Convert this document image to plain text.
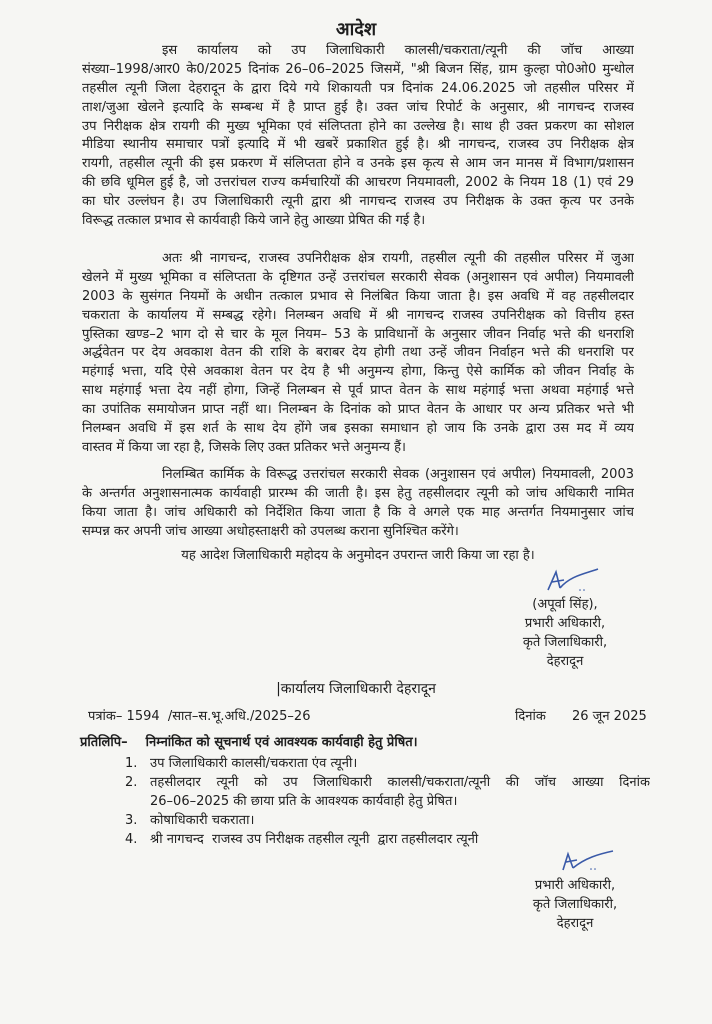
आदेश
इस कार्यालय को उप जिलाधिकारी कालसी/चकराता/त्यूनी की जॉच आख्या
संख्या–1998/आर0 के0/2025 दिनांक 26–06–2025 जिसमें, "श्री बिजन सिंह, ग्राम कुल्हा पो0ओ0 मुन्धोल
तहसील त्यूनी जिला देहरादून के द्वारा दिये गये शिकायती पत्र दिनांक 24.06.2025 जो तहसील परिसर में
ताश/जुआ खेलने इत्यादि के सम्बन्ध में है प्राप्त हुई है। उक्त जांच रिपोर्ट के अनुसार, श्री नागचन्द राजस्व
उप निरीक्षक क्षेत्र रायगी की मुख्य भूमिका एवं संलिप्तता होने का उल्लेख है। साथ ही उक्त प्रकरण का सोशल
मीडिया स्थानीय समाचार पत्रों इत्यादि में भी खबरें प्रकाशित हुई है। श्री नागचन्द, राजस्व उप निरीक्षक क्षेत्र
रायगी, तहसील त्यूनी की इस प्रकरण में संलिप्तता होने व उनके इस कृत्य से आम जन मानस में विभाग/प्रशासन
की छवि धूमिल हुई है, जो उत्तरांचल राज्य कर्मचारियों की आचरण नियमावली, 2002 के नियम 18 (1) एवं 29
का घोर उल्लंघन है। उप जिलाधिकारी त्यूनी द्वारा श्री नागचन्द राजस्व उप निरीक्षक के उक्त कृत्य पर उनके
विरूद्ध तत्काल प्रभाव से कार्यवाही किये जाने हेतु आख्या प्रेषित की गई है।
अतः श्री नागचन्द, राजस्व उपनिरीक्षक क्षेत्र रायगी, तहसील त्यूनी की तहसील परिसर में जुआ
खेलने में मुख्य भूमिका व संलिप्तता के दृष्टिगत उन्हें उत्तरांचल सरकारी सेवक (अनुशासन एवं अपील) नियमावली
2003 के सुसंगत नियमों के अधीन तत्काल प्रभाव से निलंबित किया जाता है। इस अवधि में वह तहसीलदार
चकराता के कार्यालय में सम्बद्ध रहेगे। निलम्बन अवधि में श्री नागचन्द राजस्व उपनिरीक्षक को वित्तीय हस्त
पुस्तिका खण्ड–2 भाग दो से चार के मूल नियम– 53 के प्राविधानों के अनुसार जीवन निर्वाह भत्ते की धनराशि
अर्द्धवेतन पर देय अवकाश वेतन की राशि के बराबर देय होगी तथा उन्हें जीवन निर्वाहन भत्ते की धनराशि पर
महंगाई भत्ता, यदि ऐसे अवकाश वेतन पर देय है भी अनुमन्य होगा, किन्तु ऐसे कार्मिक को जीवन निर्वाह के
साथ महंगाई भत्ता देय नहीं होगा, जिन्हें निलम्बन से पूर्व प्राप्त वेतन के साथ महंगाई भत्ता अथवा महंगाई भत्ते
का उपांतिक समायोजन प्राप्त नहीं था। निलम्बन के दिनांक को प्राप्त वेतन के आधार पर अन्य प्रतिकर भत्ते भी
निलम्बन अवधि में इस शर्त के साथ देय होंगे जब इसका समाधान हो जाय कि उनके द्वारा उस मद में व्यय
वास्तव में किया जा रहा है, जिसके लिए उक्त प्रतिकर भत्ते अनुमन्य हैं।
निलम्बित कार्मिक के विरूद्ध उत्तरांचल सरकारी सेवक (अनुशासन एवं अपील) नियमावली, 2003
के अन्तर्गत अनुशासनात्मक कार्यवाही प्रारम्भ की जाती है। इस हेतु तहसीलदार त्यूनी को जांच अधिकारी नामित
किया जाता है। जांच अधिकारी को निर्देशित किया जाता है कि वे अगले एक माह अन्तर्गत नियमानुसार जांच
सम्पन्न कर अपनी जांच आख्या अधोहस्ताक्षरी को उपलब्ध कराना सुनिश्चित करेंगे।
यह आदेश जिलाधिकारी महोदय के अनुमोदन उपरान्त जारी किया जा रहा है।
(अपूर्वा सिंह),
प्रभारी अधिकारी,
कृते जिलाधिकारी,
देहरादून
|कार्यालय जिलाधिकारी देहरादून
पत्रांक– 1594  /सात–स.भू.अधि./2025–26	दिनांक 26 जून 2025
प्रतिलिपि– निम्नांकित को सूचनार्थ एवं आवश्यक कार्यवाही हेतु प्रेषित।
1. उप जिलाधिकारी कालसी/चकराता एंव त्यूनी।
2. तहसीलदार त्यूनी को उप जिलाधिकारी कालसी/चकराता/त्यूनी की जॉच आख्या दिनांक
26–06–2025 की छाया प्रति के आवश्यक कार्यवाही हेतु प्रेषित।
3. कोषाधिकारी चकराता।
4. श्री नागचन्द  राजस्व उप निरीक्षक तहसील त्यूनी  द्वारा तहसीलदार त्यूनी
प्रभारी अधिकारी,
कृते जिलाधिकारी,
देहरादून
